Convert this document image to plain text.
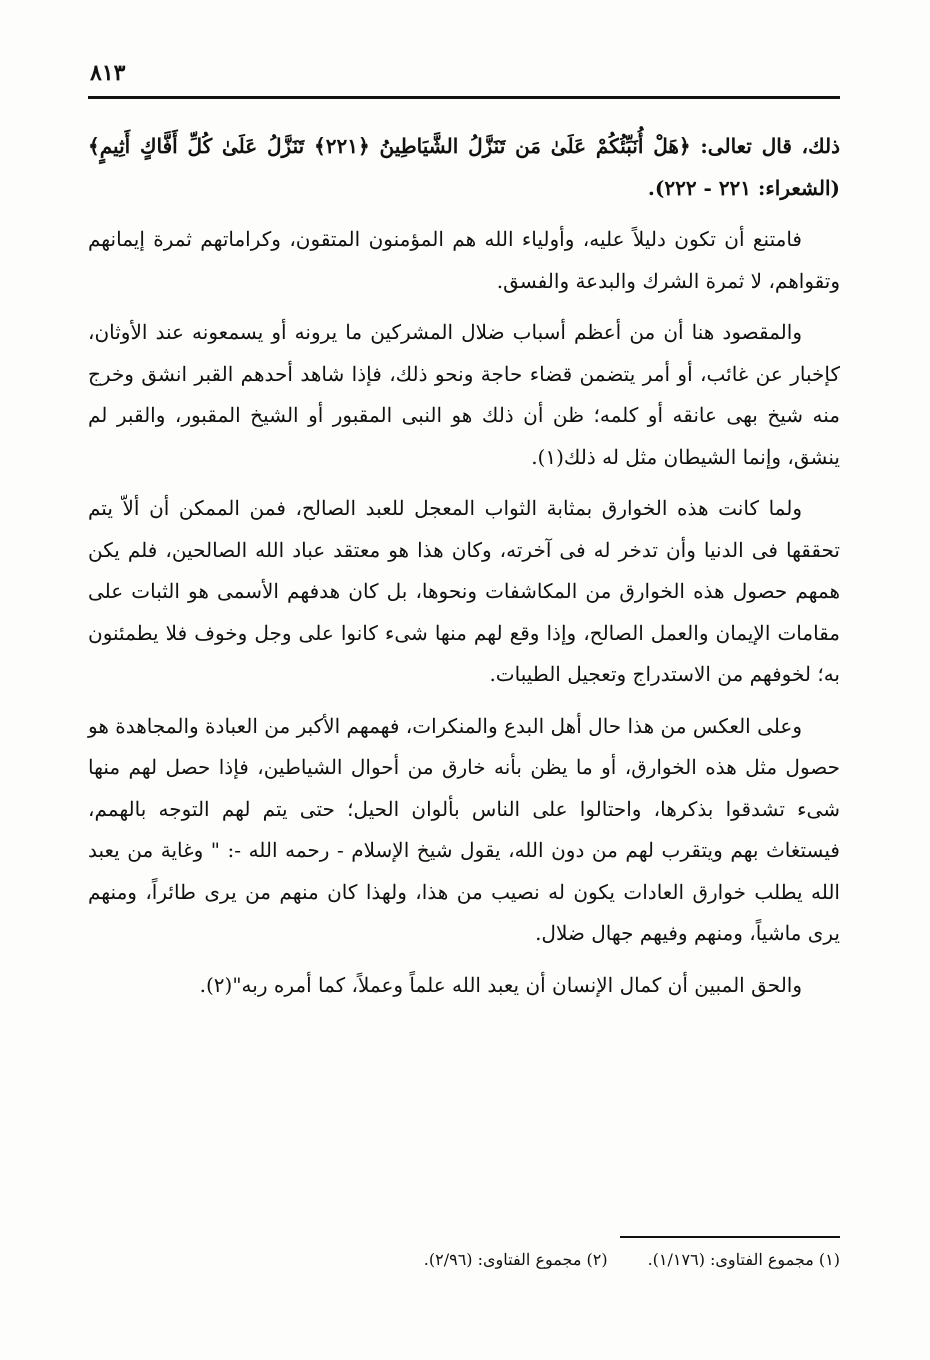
٨١٣

ذلك، قال تعالى: ﴿هَلْ أُنَبِّئُكُمْ عَلَىٰ مَن تَنَزَّلُ الشَّيَاطِينُ ﴿٢٢١﴾ تَنَزَّلُ عَلَىٰ كُلِّ أَفَّاكٍ أَثِيمٍ﴾ (الشعراء: ٢٢١ - ٢٢٢).

فامتنع أن تكون دليلاً عليه، وأولياء الله هم المؤمنون المتقون، وكراماتهم ثمرة إيمانهم وتقواهم، لا ثمرة الشرك والبدعة والفسق.

والمقصود هنا أن من أعظم أسباب ضلال المشركين ما يرونه أو يسمعونه عند الأوثان، كإخبار عن غائب، أو أمر يتضمن قضاء حاجة ونحو ذلك، فإذا شاهد أحدهم القبر انشق وخرج منه شيخ بهى عانقه أو كلمه؛ ظن أن ذلك هو النبى المقبور أو الشيخ المقبور، والقبر لم ينشق، وإنما الشيطان مثل له ذلك(١).

ولما كانت هذه الخوارق بمثابة الثواب المعجل للعبد الصالح، فمن الممكن أن ألاّ يتم تحققها فى الدنيا وأن تدخر له فى آخرته، وكان هذا هو معتقد عباد الله الصالحين، فلم يكن همهم حصول هذه الخوارق من المكاشفات ونحوها، بل كان هدفهم الأسمى هو الثبات على مقامات الإيمان والعمل الصالح، وإذا وقع لهم منها شىء كانوا على وجل وخوف فلا يطمئنون به؛ لخوفهم من الاستدراج وتعجيل الطيبات.

وعلى العكس من هذا حال أهل البدع والمنكرات، فهمهم الأكبر من العبادة والمجاهدة هو حصول مثل هذه الخوارق، أو ما يظن بأنه خارق من أحوال الشياطين، فإذا حصل لهم منها شىء تشدقوا بذكرها، واحتالوا على الناس بألوان الحيل؛ حتى يتم لهم التوجه بالهمم، فيستغاث بهم ويتقرب لهم من دون الله، يقول شيخ الإسلام - رحمه الله -: " وغاية من يعبد الله يطلب خوارق العادات يكون له نصيب من هذا، ولهذا كان منهم من يرى طائراً، ومنهم يرى ماشياً، ومنهم وفيهم جهال ضلال.

والحق المبين أن كمال الإنسان أن يعبد الله علماً وعملاً، كما أمره ربه"(٢).

(١) مجموع الفتاوى: (١/١٧٦).
(٢) مجموع الفتاوى: (٢/٩٦).
